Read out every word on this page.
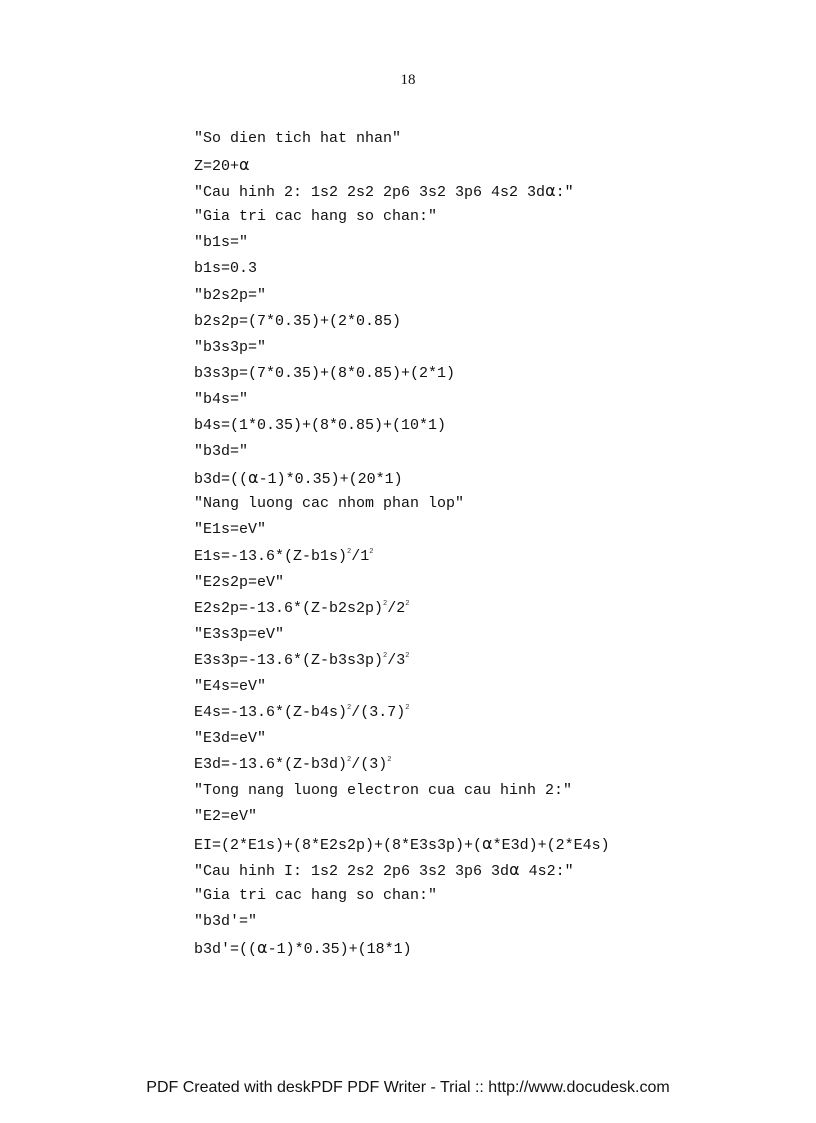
18
"So dien tich hat nhan"
Z=20+α
"Cau hinh 2: 1s2 2s2 2p6 3s2 3p6 4s2 3dα:"
"Gia tri cac hang so chan:"
"b1s="
b1s=0.3
"b2s2p="
b2s2p=(7*0.35)+(2*0.85)
"b3s3p="
b3s3p=(7*0.35)+(8*0.85)+(2*1)
"b4s="
b4s=(1*0.35)+(8*0.85)+(10*1)
"b3d="
b3d=((α-1)*0.35)+(20*1)
"Nang luong cac nhom phan lop"
"E1s=eV"
$E1s=-13.6*(Z-b1s)^2/1^2$
"E2s2p=eV"
$E2s2p=-13.6*(Z-b2s2p)^2/2^2$
"E3s3p=eV"
$E3s3p=-13.6*(Z-b3s3p)^2/3^2$
"E4s=eV"
$E4s=-13.6*(Z-b4s)^2/(3.7)^2$
"E3d=eV"
$E3d=-13.6*(Z-b3d)^2/(3)^2$
"Tong nang luong electron cua cau hinh 2:"
"E2=eV"
EI=(2*E1s)+(8*E2s2p)+(8*E3s3p)+(α*E3d)+(2*E4s)
"Cau hinh I: 1s2 2s2 2p6 3s2 3p6 3dα 4s2:"
"Gia tri cac hang so chan:"
"b3d'="
b3d'=((α-1)*0.35)+(18*1)
PDF Created with deskPDF PDF Writer - Trial :: http://www.docudesk.com
